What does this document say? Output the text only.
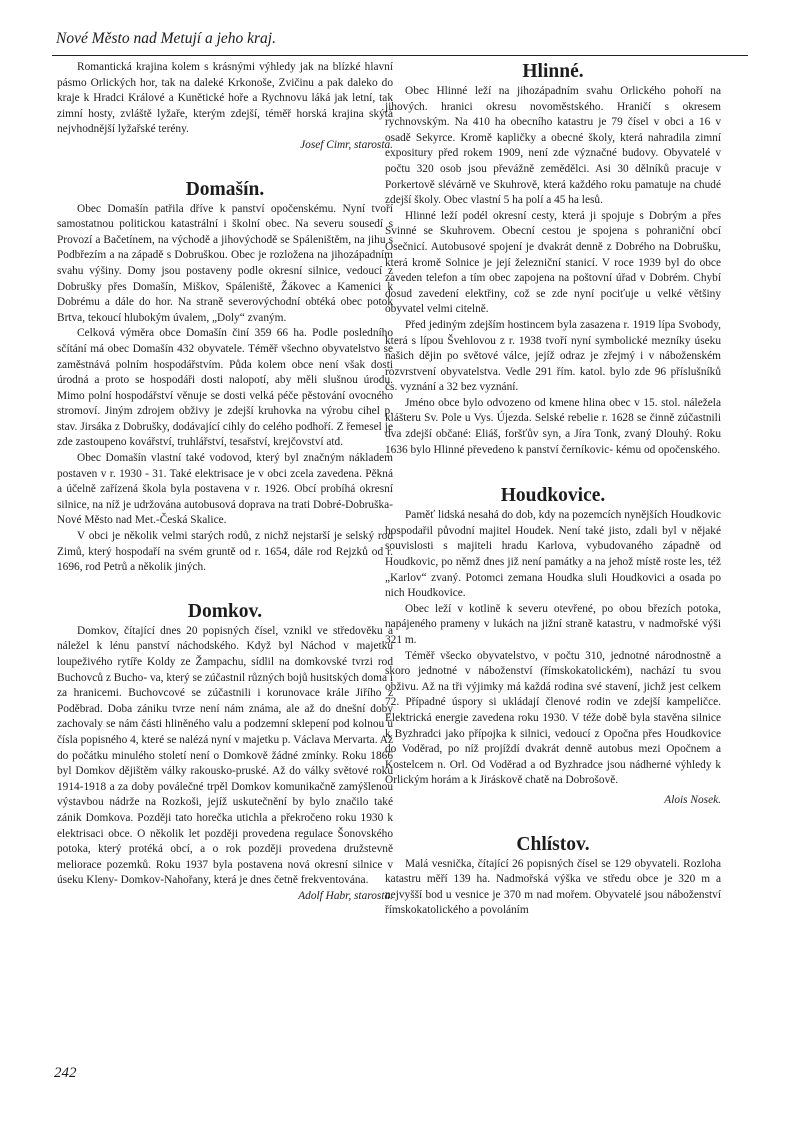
Nové Město nad Metují a jeho kraj.

Romantická krajina kolem s krásnými výhledy jak na blízké hlavní pásmo Orlických hor, tak na daleké Krkonoše, Zvičinu a pak daleko do kraje k Hradci Králové a Kunětické hoře a Rychnovu láká jak letní, tak zimní hosty, zvláště lyžaře, kterým zdejší, téměř horská krajina skýtá nejvhodnější lyžařské terény.

Josef Cimr, starosta.

Domašín.

Obec Domašín patřila dříve k panství opočenskému. Nyní tvoří samostatnou politickou katastrální i školní obec. Na severu sousedí s Provozí a Bačetínem, na východě a jihovýchodě se Spáleništěm, na jihu s Podbřezím a na západě s Dobruškou. Obec je rozložena na jihozápadním svahu výšiny. Domy jsou postaveny podle okresní silnice, vedoucí z Dobrušky přes Domašín, Miškov, Spáleniště, Žákovec a Kamenici k Dobrému a dále do hor. Na straně severovýchodní obtéká obec potok Brtva, tekoucí hlubokým úvalem, „Doly“ zvaným.

Celková výměra obce Domašín činí 359 66 ha. Podle posledního sčítání má obec Domašín 432 obyvatele. Téměř všechno obyvatelstvo se zaměstnává polním hospodářstvím. Půda kolem obce není však dosti úrodná a proto se hospodáři dosti nalopotí, aby měli slušnou úrodu. Mimo polní hospodářství věnuje se dosti velká péče pěstování ovocného stromoví. Jiným zdrojem obživy je zdejší kruhovka na výrobu cihel p. stav. Jirsáka z Dobrušky, dodávající cihly do celého podhoří. Z řemesel je zde zastoupeno kovářství, truhlářství, tesařství, krejčovství atd.

Obec Domašín vlastní také vodovod, který byl značným nákladem postaven v r. 1930 - 31. Také elektrisace je v obci zcela zavedena. Pěkná a účelně zařízená škola byla postavena v r. 1926. Obcí probíhá okresní silnice, na níž je udržována autobusová doprava na trati Dobré-Dobruška-Nové Město nad Met.-Česká Skalice.

V obci je několik velmi starých rodů, z nichž nejstarší je selský rod Zimů, který hospodaří na svém gruntě od r. 1654, dále rod Rejzků od r. 1696, rod Petrů a několik jiných.

Domkov.

Domkov, čítající dnes 20 popisných čísel, vznikl ve středověku a náležel k lénu panství náchodského. Když byl Náchod v majetku loupeživého rytíře Koldy ze Žampachu, sídlil na domkovské tvrzi rod Buchovců z Bucho- va, který se zúčastnil různých bojů husitských doma i za hranicemi. Buchovcové se zúčastnili i korunovace krále Jiřího z Poděbrad. Doba zániku tvrze není nám známa, ale až do dnešní doby zachovaly se nám části hliněného valu a podzemní sklepení pod kolnou u čísla popisného 4, které se nalézá nyní v majetku p. Václava Mervarta. Až do počátku minulého století není o Domkově žádné zmínky. Roku 1866 byl Domkov dějištěm války rakousko-pruské. Až do války světové roku 1914-1918 a za doby poválečné trpěl Domkov komunikačně zamýšlenou výstavbou nádrže na Rozkoši, jejíž uskutečnění by bylo značilo také zánik Domkova. Později tato horečka utichla a překročeno roku 1930 k elektrisaci obce. O několik let později provedena regulace Šonovského potoka, který protéká obcí, a o rok později provedena družstevně meliorace pozemků. Roku 1937 byla postavena nová okresní silnice v úseku Kleny- Domkov-Nahořany, která je dnes četně frekventována.

Adolf Habr, starosta.

Hlinné.

Obec Hlinné leží na jihozápadním svahu Orlického pohoří na jihových. hranici okresu novoměstského. Hraničí s okresem rychnovským. Na 410 ha obecního katastru je 79 čísel v obci a 16 v osadě Sekyrce. Kromě kapličky a obecné školy, která nahradila zimní expositury před rokem 1909, není zde význačné budovy. Obyvatelé v počtu 320 osob jsou převážně zemědělci. Asi 30 dělníků pracuje v Porkertově slévárně ve Skuhrově, která každého roku pamatuje na chudé zdejší školy. Obec vlastní 5 ha polí a 45 ha lesů.

Hlinné leží podél okresní cesty, která ji spojuje s Dobrým a přes Svinné se Skuhrovem. Obecní cestou je spojena s pohraniční obcí Osečnicí. Autobusové spojení je dvakrát denně z Dobrého na Dobrušku, která kromě Solnice je její železniční stanicí. V roce 1939 byl do obce zaveden telefon a tím obec zapojena na poštovní úřad v Dobrém. Chybí dosud zavedení elektřiny, což se zde nyní pociťuje u velké většiny obyvatel velmi citelně.

Před jediným zdejším hostincem byla zasazena r. 1919 lípa Svobody, která s lípou Švehlovou z r. 1938 tvoří nyní symbolické mezníky úseku našich dějin po světové válce, jejíž odraz je zřejmý i v náboženském rozvrstvení obyvatelstva. Vedle 291 řím. katol. bylo zde 96 příslušníků čs. vyznání a 32 bez vyznání.

Jméno obce bylo odvozeno od kmene hlina obec v 15. stol. náležela klášteru Sv. Pole u Vys. Újezda. Selské rebelie r. 1628 se činně zúčastnili dva zdejší občané: Eliáš, foršťův syn, a Jíra Tonk, zvaný Dlouhý. Roku 1636 bylo Hlinné převedeno k panství černíkovic- kému od opočenského.

Houdkovice.

Paměť lidská nesahá do dob, kdy na pozemcích nynějších Houdkovic hospodařil původní majitel Houdek. Není také jisto, zdali byl v nějaké souvislosti s majiteli hradu Karlova, vybudovaného západně od Houdkovic, po němž dnes již není památky a na jehož místě roste les, též „Karlov“ zvaný. Potomci zemana Houdka sluli Houdkovici a osada po nich Houdkovice.

Obec leží v kotlině k severu otevřené, po obou březích potoka, napájeného prameny v lukách na jižní straně katastru, v nadmořské výši 321 m.

Téměř všecko obyvatelstvo, v počtu 310, jednotné národnostně a skoro jednotné v náboženství (římskokatolickém), nachází tu svou obživu. Až na tři výjimky má každá rodina své stavení, jichž jest celkem 72. Případné úspory si ukládají členové rodin ve zdejší kampeličce. Elektrická energie zavedena roku 1930. V téže době byla stavěna silnice k Byzhradci jako přípojka k silnici, vedoucí z Opočna přes Houdkovice do Voděrad, po níž projíždí dvakrát denně autobus mezi Opočnem a Kostelcem n. Orl. Od Voděrad a od Byzhradce jsou nádherné výhledy k Orlickým horám a k Jiráskově chatě na Dobrošově.

Alois Nosek.

Chlístov.

Malá vesnička, čítající 26 popisných čísel se 129 obyvateli. Rozloha katastru měří 139 ha. Nadmořská výška ve středu obce je 320 m a nejvyšší bod u vesnice je 370 m nad mořem. Obyvatelé jsou náboženství římskokatolického a povoláním

242
